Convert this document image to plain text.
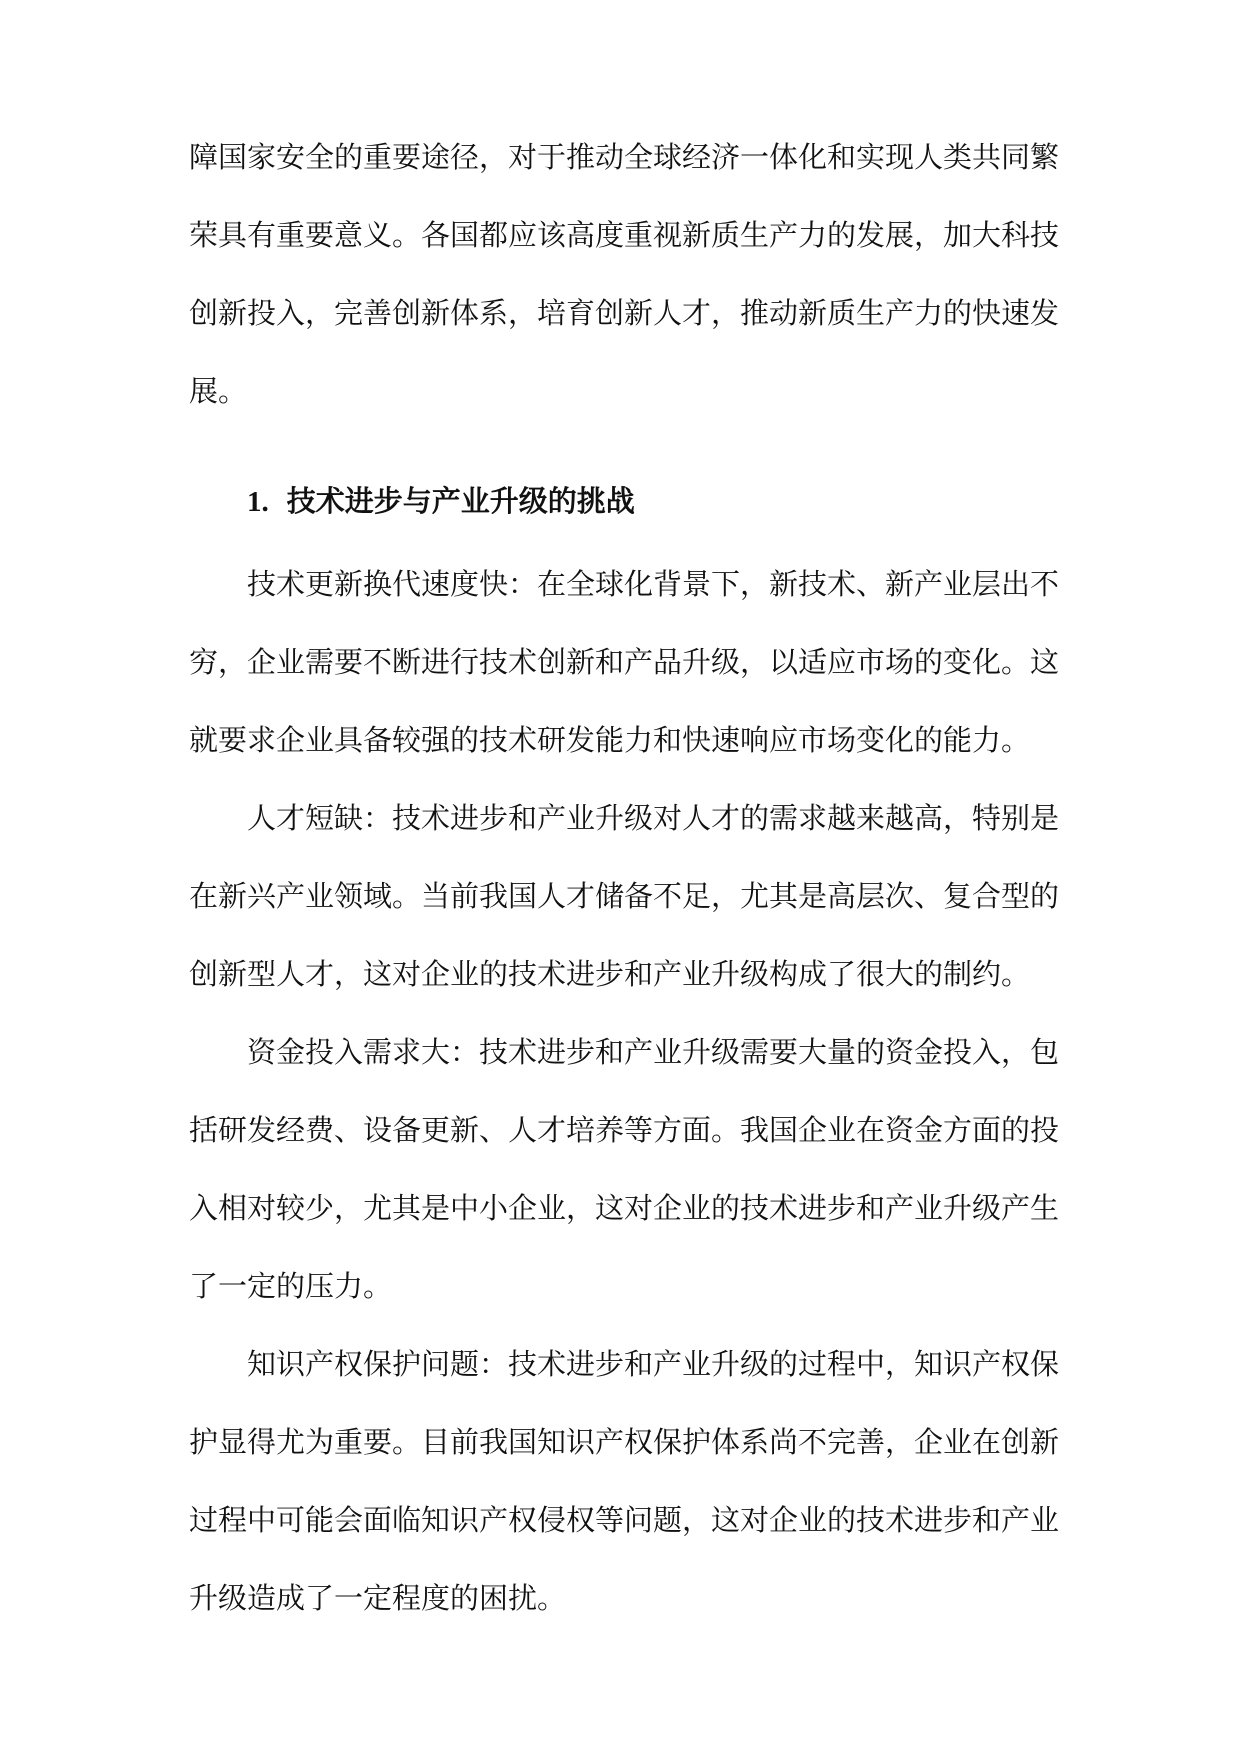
障国家安全的重要途径，对于推动全球经济一体化和实现人类共同繁荣具有重要意义。各国都应该高度重视新质生产力的发展，加大科技创新投入，完善创新体系，培育创新人才，推动新质生产力的快速发展。

1. 技术进步与产业升级的挑战

技术更新换代速度快：在全球化背景下，新技术、新产业层出不穷，企业需要不断进行技术创新和产品升级，以适应市场的变化。这就要求企业具备较强的技术研发能力和快速响应市场变化的能力。

人才短缺：技术进步和产业升级对人才的需求越来越高，特别是在新兴产业领域。当前我国人才储备不足，尤其是高层次、复合型的创新型人才，这对企业的技术进步和产业升级构成了很大的制约。

资金投入需求大：技术进步和产业升级需要大量的资金投入，包括研发经费、设备更新、人才培养等方面。我国企业在资金方面的投入相对较少，尤其是中小企业，这对企业的技术进步和产业升级产生了一定的压力。

知识产权保护问题：技术进步和产业升级的过程中，知识产权保护显得尤为重要。目前我国知识产权保护体系尚不完善，企业在创新过程中可能会面临知识产权侵权等问题，这对企业的技术进步和产业升级造成了一定程度的困扰。
